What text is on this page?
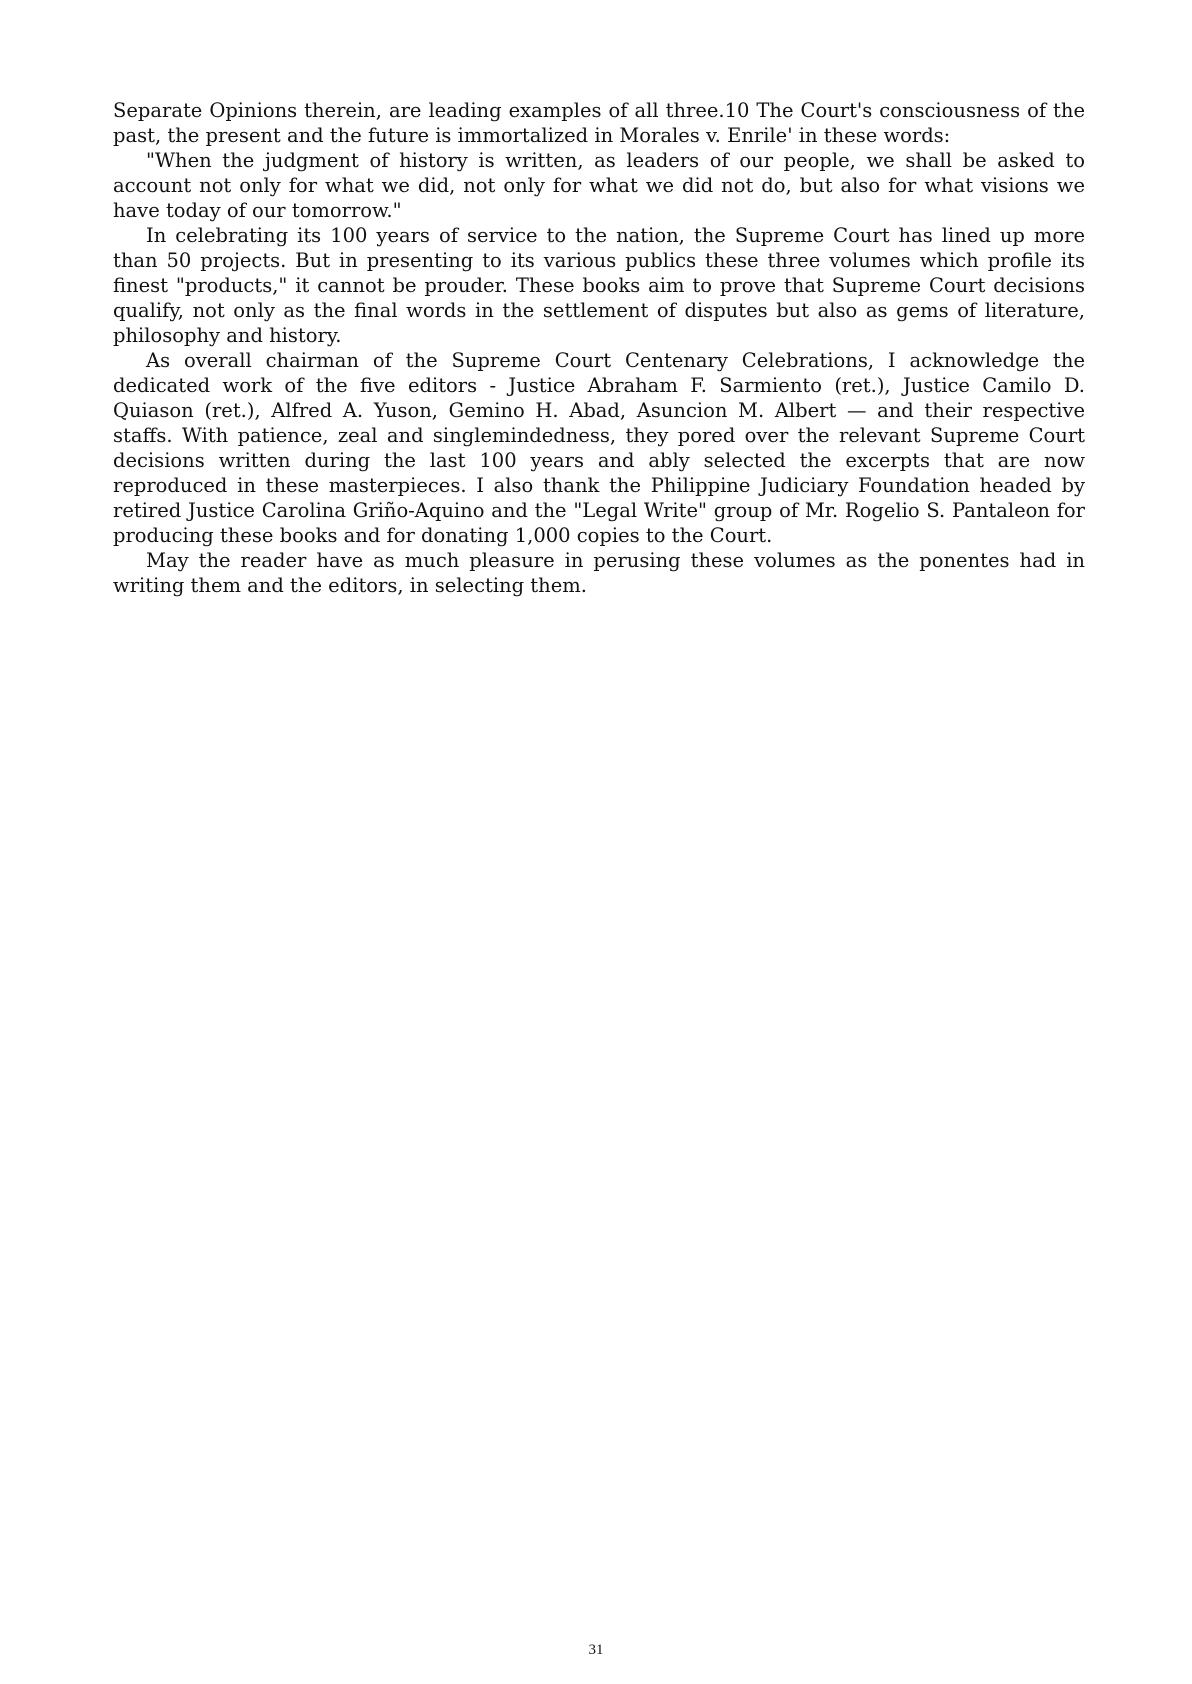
Separate Opinions therein, are leading examples of all three.10 The Court's consciousness of the past, the present and the future is immortalized in Morales v. Enrile' in these words:

"When the judgment of history is written, as leaders of our people, we shall be asked to account not only for what we did, not only for what we did not do, but also for what visions we have today of our tomorrow."

In celebrating its 100 years of service to the nation, the Supreme Court has lined up more than 50 projects. But in presenting to its various publics these three volumes which profile its finest "products," it cannot be prouder. These books aim to prove that Supreme Court decisions qualify, not only as the final words in the settlement of disputes but also as gems of literature, philosophy and history.

As overall chairman of the Supreme Court Centenary Celebrations, I acknowledge the dedicated work of the five editors - Justice Abraham F. Sarmiento (ret.), Justice Camilo D. Quiason (ret.), Alfred A. Yuson, Gemino H. Abad, Asuncion M. Albert — and their respective staffs. With patience, zeal and singlemindedness, they pored over the relevant Supreme Court decisions written during the last 100 years and ably selected the excerpts that are now reproduced in these masterpieces. I also thank the Philippine Judiciary Foundation headed by retired Justice Carolina Griño-Aquino and the "Legal Write" group of Mr. Rogelio S. Pantaleon for producing these books and for donating 1,000 copies to the Court.

May the reader have as much pleasure in perusing these volumes as the ponentes had in writing them and the editors, in selecting them.

31
